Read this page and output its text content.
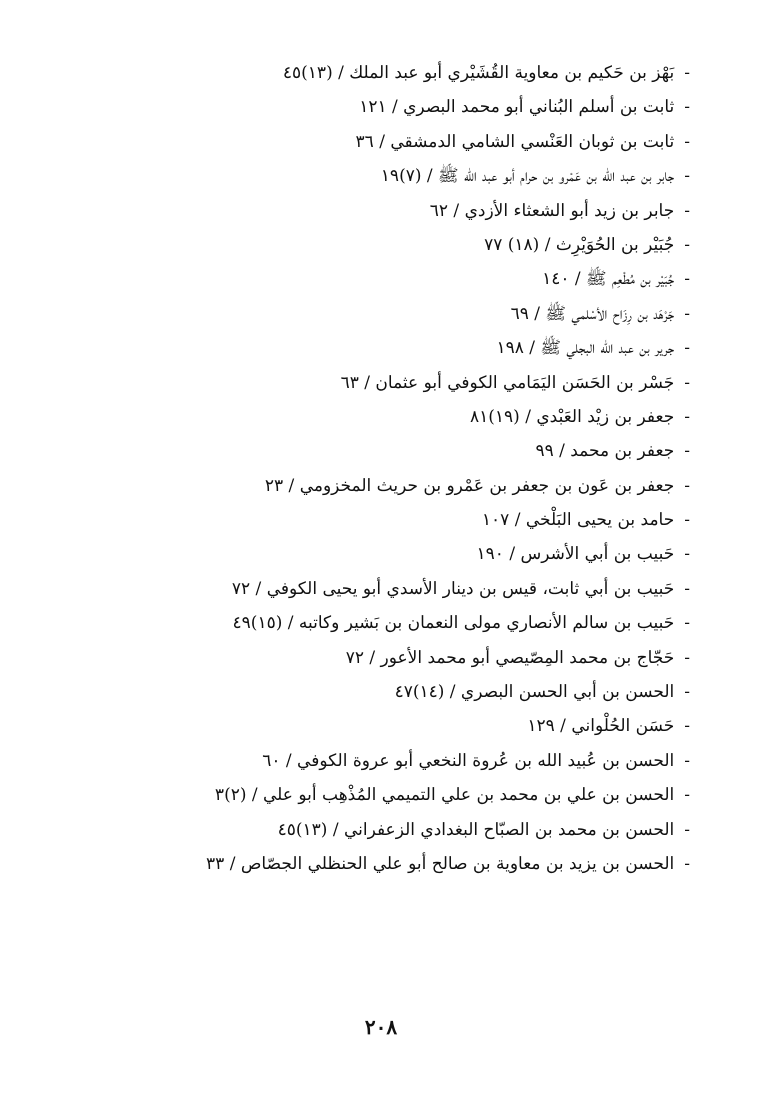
-بَهْز بن حَكيم بن معاوية القُشَيْري أبو عبد الملك / (١٣)٤٥
-ثابت بن أسلم البُناني أبو محمد البصري / ١٢١
-ثابت بن ثوبان العَنْسي الشامي الدمشقي / ٣٦
-جابر بن عبد الله بن عَمْرو بن حرام أبو عبد الله ﷺ / (٧)١٩
-جابر بن زيد أبو الشعثاء الأزدي / ٦٢
-جُبَيْر بن الحُوَيْرِث / (١٨) ٧٧
-جُبَيْر بن مُطْعِم ﷺ / ١٤٠
-جَرْهَد بن رِزَاح الأسْلمي ﷺ / ٦٩
-جرير بن عبد الله البجلي ﷺ / ١٩٨
-جَسْر بن الحَسَن اليَمَامي الكوفي أبو عثمان / ٦٣
-جعفر بن زيْد العَبْدي / (١٩)٨١
-جعفر بن محمد / ٩٩
-جعفر بن عَون بن جعفر بن عَمْرو بن حريث المخزومي / ٢٣
-حامد بن يحيى البَلْخي / ١٠٧
-حَبيب بن أبي الأشرس / ١٩٠
-حَبيب بن أبي ثابت، قيس بن دينار الأسدي أبو يحيى الكوفي / ٧٢
-حَبيب بن سالم الأنصاري مولى النعمان بن بَشير وكاتبه / (١٥)٤٩
-حَجّاج بن محمد المِصّيصي أبو محمد الأعور / ٧٢
-الحسن بن أبي الحسن البصري / (١٤)٤٧
-حَسَن الحُلْواني / ١٢٩
-الحسن بن عُبيد الله بن عُروة النخعي أبو عروة الكوفي / ٦٠
-الحسن بن علي بن محمد بن علي التميمي المُذْهِب أبو علي / (٢)٣
-الحسن بن محمد بن الصبّاح البغدادي الزعفراني / (١٣)٤٥
-الحسن بن يزيد بن معاوية بن صالح أبو علي الحنظلي الجصّاص / ٣٣
٢٠٨
